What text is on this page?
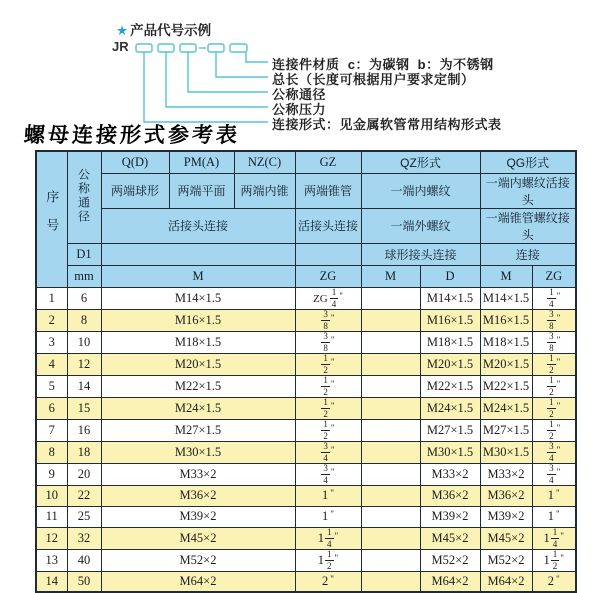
★ 产品代号示例
JR
连接件材质  c：为碳钢  b：为不锈钢
总长（长度可根据用户要求定制）
公称通径
公称压力
连接形式：见金属软管常用结构形式表
螺母连接形式参考表
序号	公称通径	Q(D)	PM(A)	NZ(C)	GZ	QZ形式		QG形式	
		两端球形	两端平面	两端内锥	两端锥管	一端内螺纹		一端内螺纹活接头	
		活接头连接			活接头连接	一端外螺纹		一端锥管螺纹接头	
	D1					球形接头连接		连接	
	mm	M			ZG	M	D	M	ZG
1	6	M14×1.5			ZG $\frac{1}{4} ^"$		M14×1.5	M14×1.5	$\frac{1}{4} ^"$
2	8	M16×1.5			$\frac{3}{8} ^"$		M16×1.5	M16×1.5	$\frac{3}{8} ^"$
3	10	M18×1.5			$\frac{3}{8} ^"$		M18×1.5	M18×1.5	$\frac{3}{8} ^"$
4	12	M20×1.5			$\frac{1}{2} ^"$		M20×1.5	M20×1.5	$\frac{1}{2} ^"$
5	14	M22×1.5			$\frac{1}{2} ^"$		M22×1.5	M22×1.5	$\frac{1}{2} ^"$
6	15	M24×1.5			$\frac{1}{2} ^"$		M24×1.5	M24×1.5	$\frac{1}{2} ^"$
7	16	M27×1.5			$\frac{1}{2} ^"$		M27×1.5	M27×1.5	$\frac{1}{2} ^"$
8	18	M30×1.5			$\frac{3}{4} ^"$		M30×1.5	M30×1.5	$\frac{3}{4} ^"$
9	20	M33×2			$\frac{3}{4} ^"$		M33×2	M33×2	$\frac{3}{4} ^"$
10	22	M36×2			1 "		M36×2	M36×2	1 "
11	25	M39×2			1 "		M39×2	M39×2	1 "
12	32	M45×2			$1 \frac{1}{4} ^"$		M45×2	M45×2	$1 \frac{1}{4} ^"$
13	40	M52×2			$1 \frac{1}{2} ^"$		M52×2	M52×2	$1 \frac{1}{2} ^"$
14	50	M64×2			2 "		M64×2	M64×2	2 "
